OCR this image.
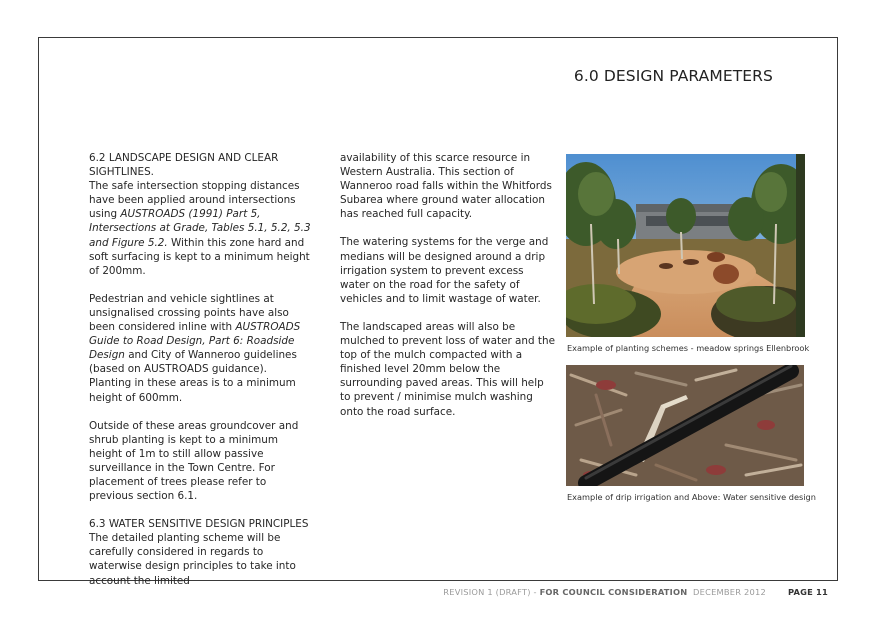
6.0 DESIGN PARAMETERS

6.2 LANDSCAPE DESIGN AND CLEAR SIGHTLINES.
The safe intersection stopping distances have been applied around intersections using AUSTROADS (1991) Part 5, Intersections at Grade, Tables 5.1, 5.2, 5.3 and Figure 5.2. Within this zone hard and soft surfacing is kept to a minimum height of 200mm.

Pedestrian and vehicle sightlines at unsignalised crossing points have also been considered inline with AUSTROADS Guide to Road Design, Part 6: Roadside Design and City of Wanneroo guidelines (based on AUSTROADS guidance). Planting in these areas is to a minimum height of 600mm.

Outside of these areas groundcover and shrub planting is kept to a minimum height of 1m to still allow passive surveillance in the Town Centre. For placement of trees please refer to previous section 6.1.

6.3 WATER SENSITIVE DESIGN PRINCIPLES
The detailed planting scheme will be carefully considered in regards to waterwise design principles to take into account the limited

availability of this scarce resource in Western Australia. This section of Wanneroo road falls within the Whitfords Subarea where ground water allocation has reached full capacity.

The watering systems for the verge and medians will be designed around a drip irrigation system to prevent excess water on the road for the safety of vehicles and to limit wastage of water.

The landscaped areas will also be mulched to prevent loss of water and the top of the mulch compacted with a finished level 20mm below the surrounding paved areas. This will help to prevent / minimise mulch washing onto the road surface.

Example of planting schemes - meadow springs Ellenbrook
Example of drip irrigation and Above: Water sensitive design
REVISION 1 (DRAFT) - FOR COUNCIL CONSIDERATION DECEMBER 2012	PAGE 11
